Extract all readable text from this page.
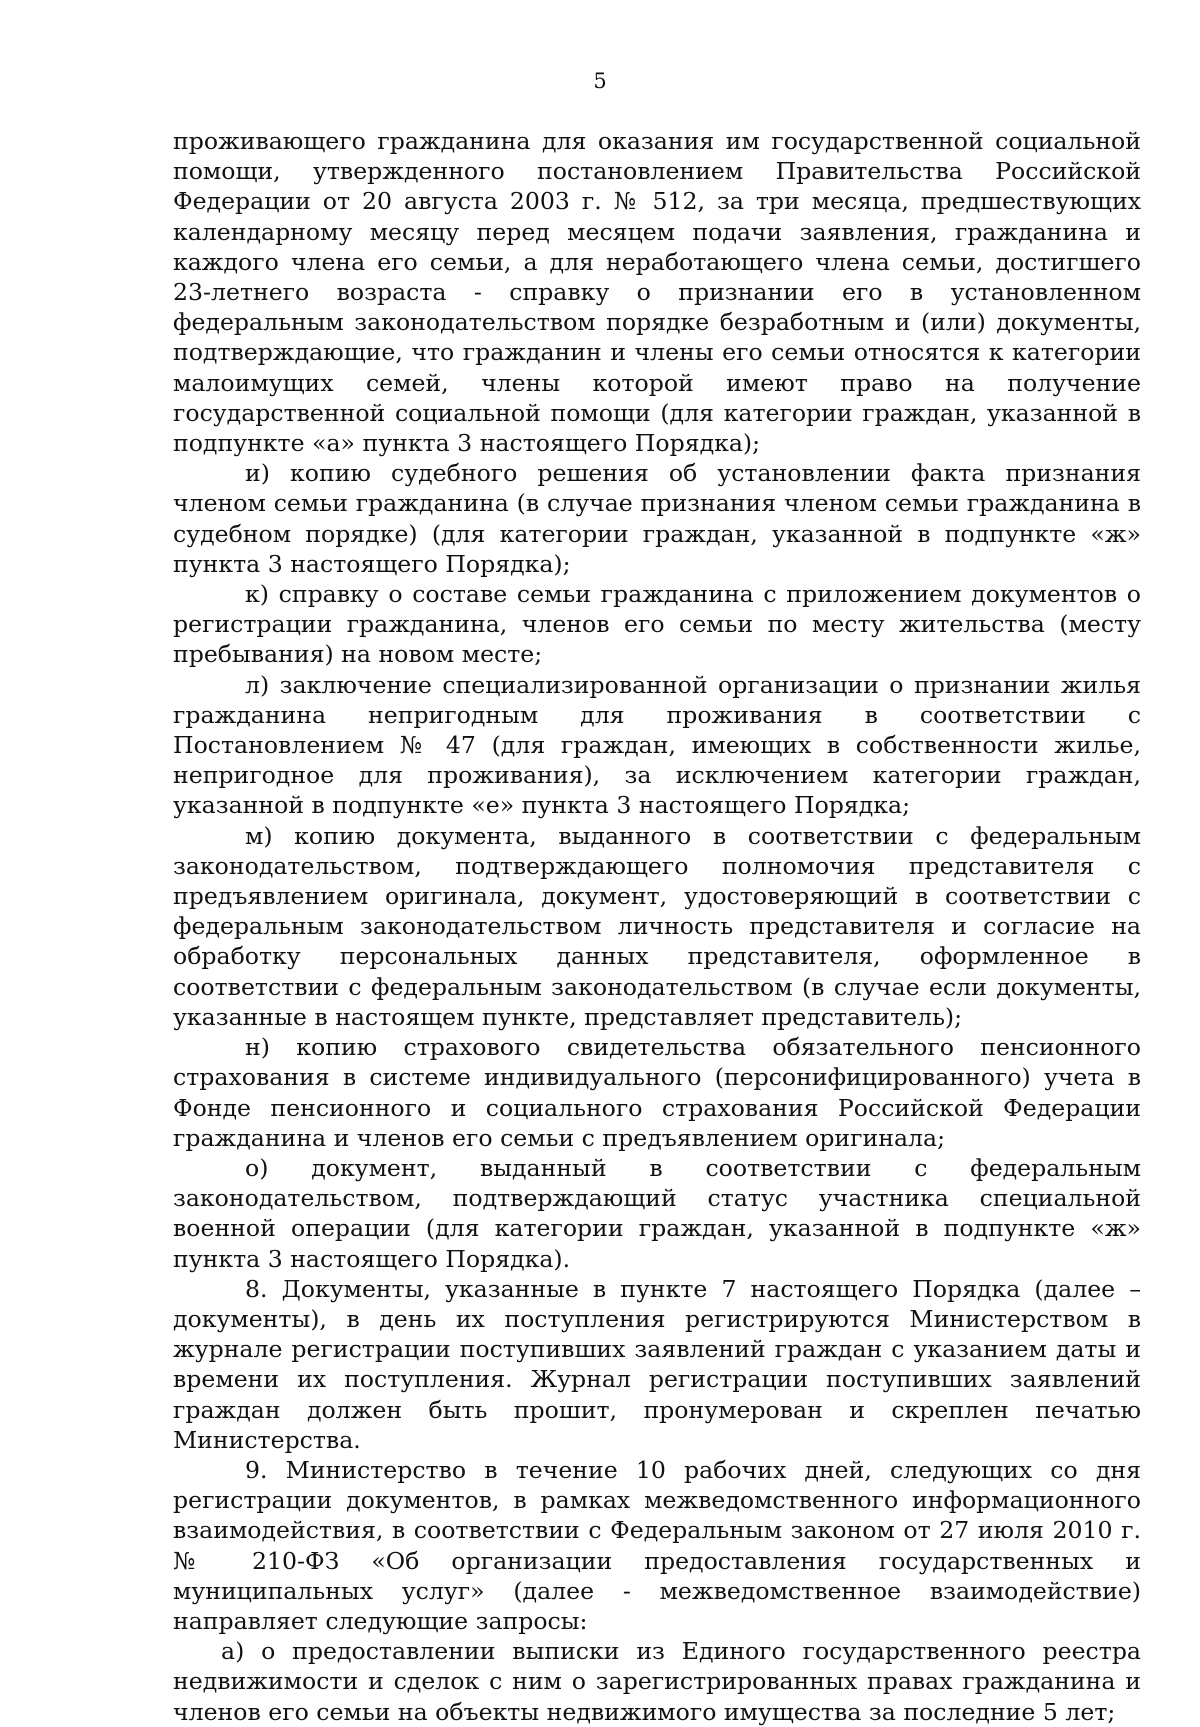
5

проживающего гражданина для оказания им государственной социальной помощи, утвержденного постановлением Правительства Российской Федерации от 20 августа 2003 г. № 512, за три месяца, предшествующих календарному месяцу перед месяцем подачи заявления, гражданина и каждого члена его семьи, а для неработающего члена семьи, достигшего 23-летнего возраста - справку о признании его в установленном федеральным законодательством порядке безработным и (или) документы, подтверждающие, что гражданин и члены его семьи относятся к категории малоимущих семей, члены которой имеют право на получение государственной социальной помощи (для категории граждан, указанной в подпункте «а» пункта 3 настоящего Порядка);

и) копию судебного решения об установлении факта признания членом семьи гражданина (в случае признания членом семьи гражданина в судебном порядке) (для категории граждан, указанной в подпункте «ж» пункта 3 настоящего Порядка);

к) справку о составе семьи гражданина с приложением документов о регистрации гражданина, членов его семьи по месту жительства (месту пребывания) на новом месте;

л) заключение специализированной организации о признании жилья гражданина непригодным для проживания в соответствии с Постановлением № 47 (для граждан, имеющих в собственности жилье, непригодное для проживания), за исключением категории граждан, указанной в подпункте «е» пункта 3 настоящего Порядка;

м) копию документа, выданного в соответствии с федеральным законодательством, подтверждающего полномочия представителя с предъявлением оригинала, документ, удостоверяющий в соответствии с федеральным законодательством личность представителя и согласие на обработку персональных данных представителя, оформленное в соответствии с федеральным законодательством (в случае если документы, указанные в настоящем пункте, представляет представитель);

н) копию страхового свидетельства обязательного пенсионного страхования в системе индивидуального (персонифицированного) учета в Фонде пенсионного и социального страхования Российской Федерации гражданина и членов его семьи с предъявлением оригинала;

о) документ, выданный в соответствии с федеральным законодательством, подтверждающий статус участника специальной военной операции (для категории граждан, указанной в подпункте «ж» пункта 3 настоящего Порядка).

8. Документы, указанные в пункте 7 настоящего Порядка (далее – документы), в день их поступления регистрируются Министерством в журнале регистрации поступивших заявлений граждан с указанием даты и времени их поступления. Журнал регистрации поступивших заявлений граждан должен быть прошит, пронумерован и скреплен печатью Министерства.

9. Министерство в течение 10 рабочих дней, следующих со дня регистрации документов, в рамках межведомственного информационного взаимодействия, в соответствии с Федеральным законом от 27 июля 2010 г. № 210-ФЗ «Об организации предоставления государственных и муниципальных услуг» (далее - межведомственное взаимодействие) направляет следующие запросы:

а) о предоставлении выписки из Единого государственного реестра недвижимости и сделок с ним о зарегистрированных правах гражданина и членов его семьи на объекты недвижимого имущества за последние 5 лет;
